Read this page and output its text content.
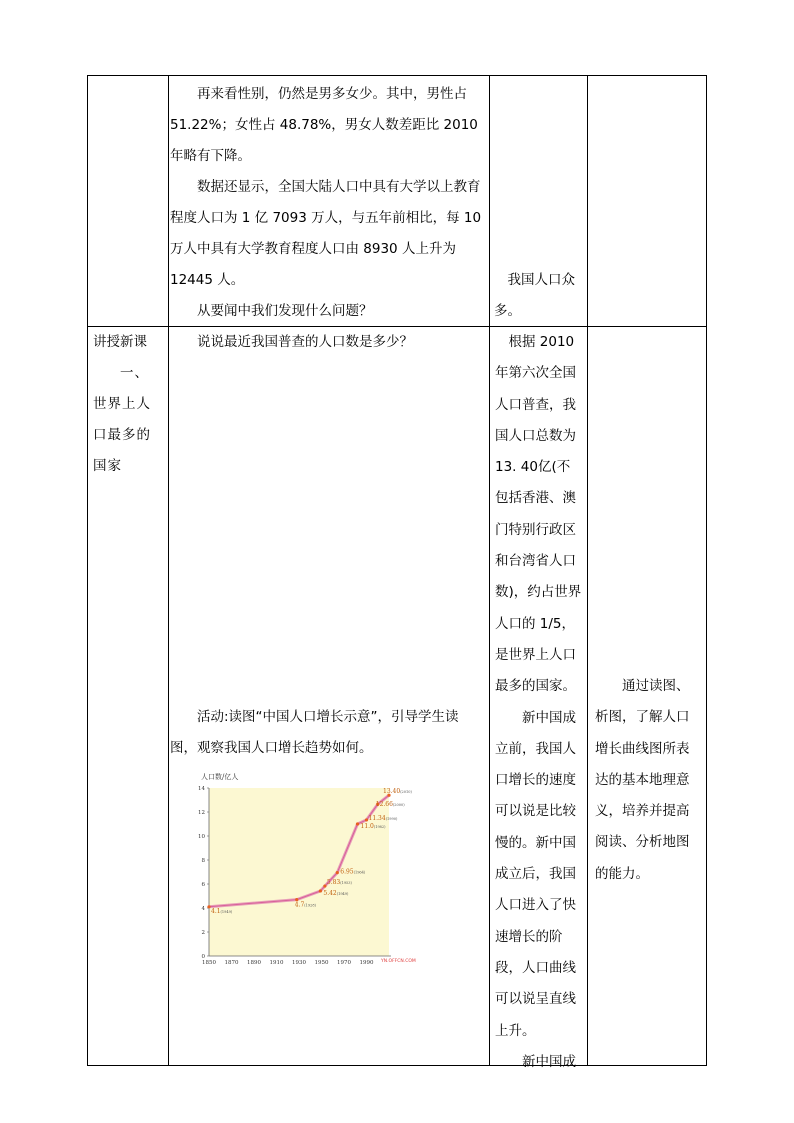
再来看性别，仍然是男多女少。其中，男性占 51.22%；女性占 48.78%，男女人数差距比 2010 年略有下降。

数据还显示，全国大陆人口中具有大学以上教育程度人口为 1 亿 7093 万人，与五年前相比，每 10 万人中具有大学教育程度人口由 8930 人上升为 12445 人。

从要闻中我们发现什么问题？

我国人口众多。

讲授新课

一、世界上人口最多的国家

说说最近我国普查的人口数是多少？

活动:读图“中国人口增长示意”，引导学生读图，观察我国人口增长趋势如何。

人口数/亿人
YN.OFFCN.COM
0
2
4
6
8
10
12
14
1850 1870 1890 1910 1930 1950 1970 1990
4.1(1949)
4.7(1928)
5.42(1949)
5.83(1953)
6.95(1964)
11.0(1982)
11.34(1990)
12.66(2000)
13.40(2010)

根据 2010 年第六次全国人口普查，我国人口总数为 13. 40亿(不包括香港、澳门特别行政区和台湾省人口数)，约占世界人口的 1/5，是世界上人口最多的国家。

新中国成立前，我国人口增长的速度可以说是比较慢的。新中国成立后，我国人口进入了快速增长的阶段，人口曲线可以说呈直线上升。

新中国成

通过读图、析图，了解人口增长曲线图所表达的基本地理意义，培养并提高阅读、分析地图的能力。
